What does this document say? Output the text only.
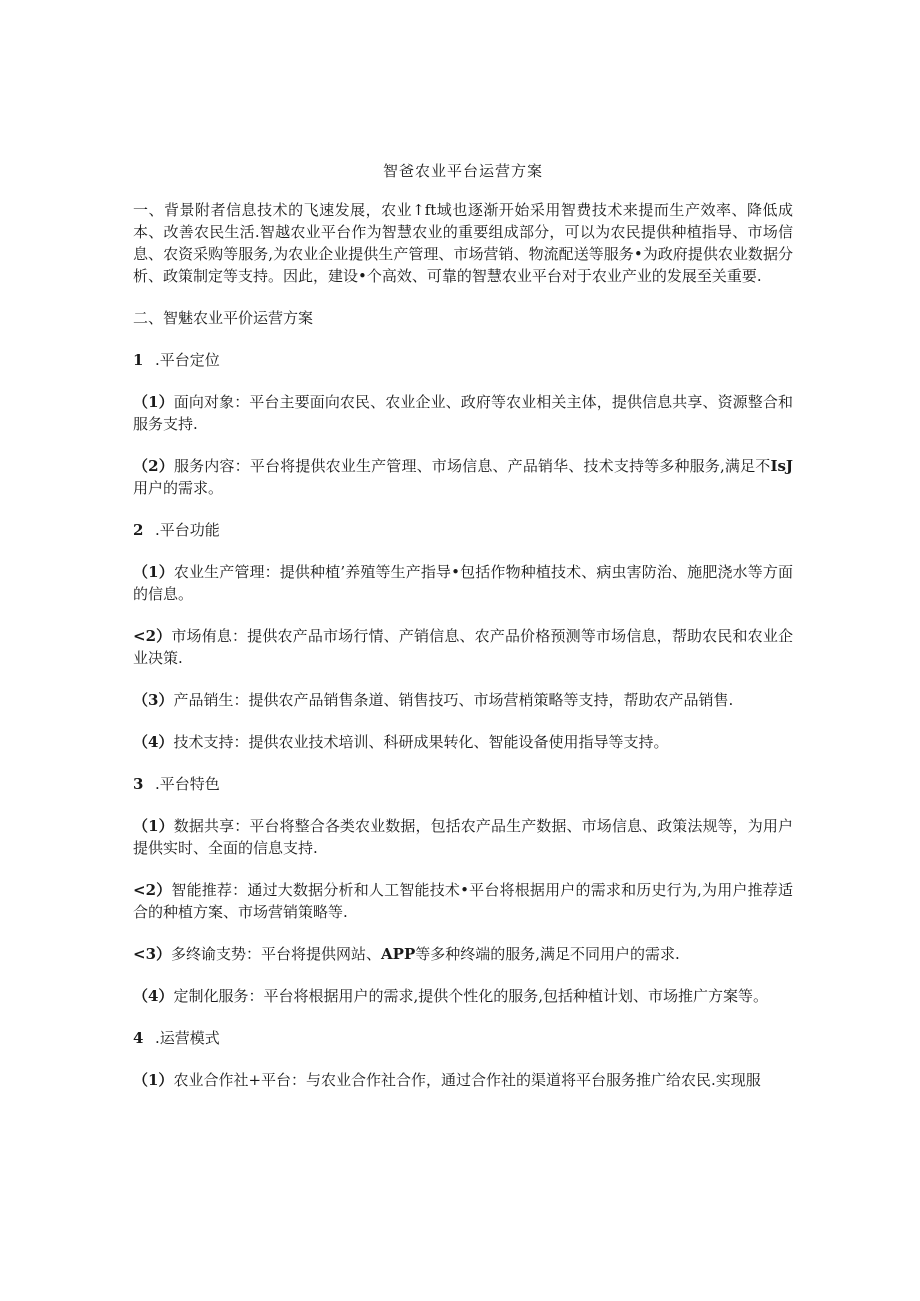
智爸农业平台运营方案

一、背景附者信息技术的飞速发展，农业↑ft域也逐渐开始采用智费技术来提而生产效率、降低成本、改善农民生活.智越农业平台作为智慧农业的重要组成部分，可以为农民提供种植指导、市场信息、农资采购等服务,为农业企业提供生产管理、市场营销、物流配送等服务•为政府提供农业数据分析、政策制定等支持。因此，建设•个高效、可靠的智慧农业平台对于农业产业的发展至关重要.

二、智魅农业平价运营方案

1 .平台定位

（1）面向对象：平台主要面向农民、农业企业、政府等农业相关主体，提供信息共享、资源整合和服务支持.

（2）服务内容：平台将提供农业生产管理、市场信息、产品销华、技术支持等多种服务,满足不IsJ用户的需求。

2 .平台功能

（1）农业生产管理：提供种植’养殖等生产指导•包括作物种植技术、病虫害防治、施肥浇水等方面的信息。

<2）市场侑息：提供农产品市场行情、产销信息、农产品价格预测等市场信息，帮助农民和农业企业决策.

（3）产品销生：提供农产品销售条道、销售技巧、市场营梢策略等支持，帮助农产品销售.

（4）技术支持：提供农业技术培训、科研成果转化、智能设备使用指导等支持。

3 .平台特色

（1）数据共享：平台将整合各类农业数据，包括农产品生产数据、市场信息、政策法规等，为用户提供实时、全面的信息支持.

<2）智能推荐：通过大数据分析和人工智能技术•平台将根据用户的需求和历史行为,为用户推荐适合的种植方案、市场营销策略等.

<3）多终谕支势：平台将提供网站、APP等多种终端的服务,满足不同用户的需求.

（4）定制化服务：平台将根据用户的需求,提供个性化的服务,包括种植计划、市场推广方案等。

4 .运营模式

（1）农业合作社+平台：与农业合作社合作，通过合作社的渠道将平台服务推广给农民.实现服
